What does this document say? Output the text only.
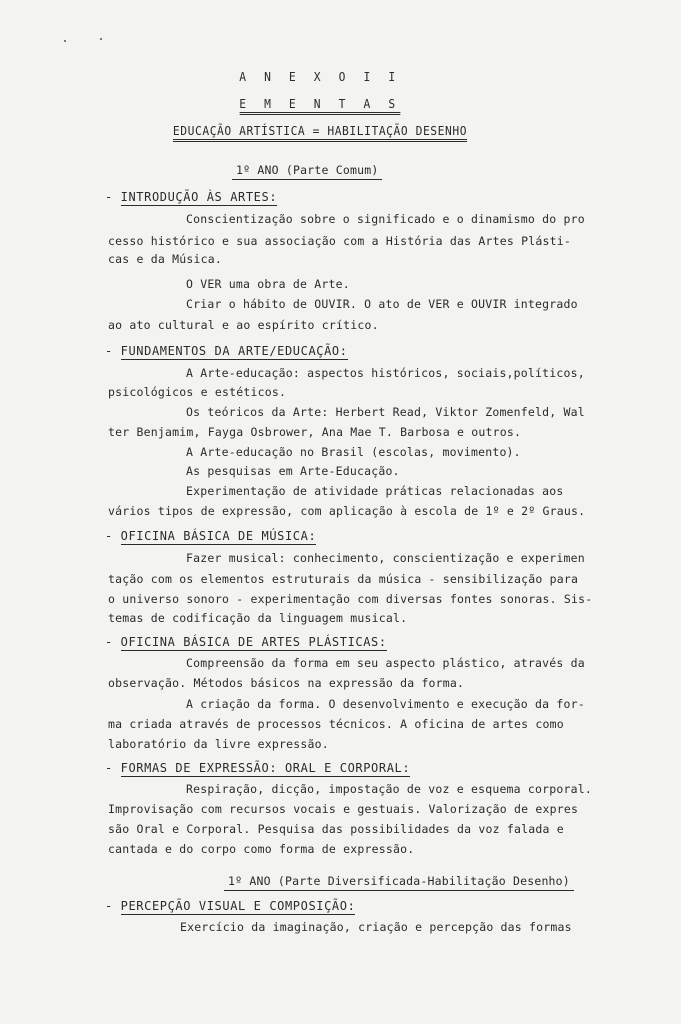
A N E X O I I
E M E N T A S
EDUCAÇÃO ARTÍSTICA = HABILITAÇÃO DESENHO
1º ANO (Parte Comum)
- INTRODUÇÃO ÀS ARTES:
Conscientização sobre o significado e o dinamismo do pro
cesso histórico e sua associação com a História das Artes Plásti-
cas e da Música.
O VER uma obra de Arte.
Criar o hábito de OUVIR. O ato de VER e OUVIR integrado
ao ato cultural e ao espírito crítico.
- FUNDAMENTOS DA ARTE/EDUCAÇÃO:
A Arte-educação: aspectos históricos, sociais,políticos,
psicológicos e estéticos.
Os teóricos da Arte: Herbert Read, Viktor Zomenfeld, Wal
ter Benjamim, Fayga Osbrower, Ana Mae T. Barbosa e outros.
A Arte-educação no Brasil (escolas, movimento).
As pesquisas em Arte-Educação.
Experimentação de atividade práticas relacionadas aos
vários tipos de expressão, com aplicação à escola de 1º e 2º Graus.
- OFICINA BÁSICA DE MÚSICA:
Fazer musical: conhecimento, conscientização e experimen
tação com os elementos estruturais da música - sensibilização para
o universo sonoro - experimentação com diversas fontes sonoras. Sis-
temas de codificação da linguagem musical.
- OFICINA BÁSICA DE ARTES PLÁSTICAS:
Compreensão da forma em seu aspecto plástico, através da
observação. Métodos básicos na expressão da forma.
A criação da forma. O desenvolvimento e execução da for-
ma criada através de processos técnicos. A oficina de artes como
laboratório da livre expressão.
- FORMAS DE EXPRESSÃO: ORAL E CORPORAL:
Respiração, dicção, impostação de voz e esquema corporal.
Improvisação com recursos vocais e gestuais. Valorização de expres
são Oral e Corporal. Pesquisa das possibilidades da voz falada e
cantada e do corpo como forma de expressão.
1º ANO (Parte Diversificada-Habilitação Desenho)
- PERCEPÇÃO VISUAL E COMPOSIÇÃO:
Exercício da imaginação, criação e percepção das formas
